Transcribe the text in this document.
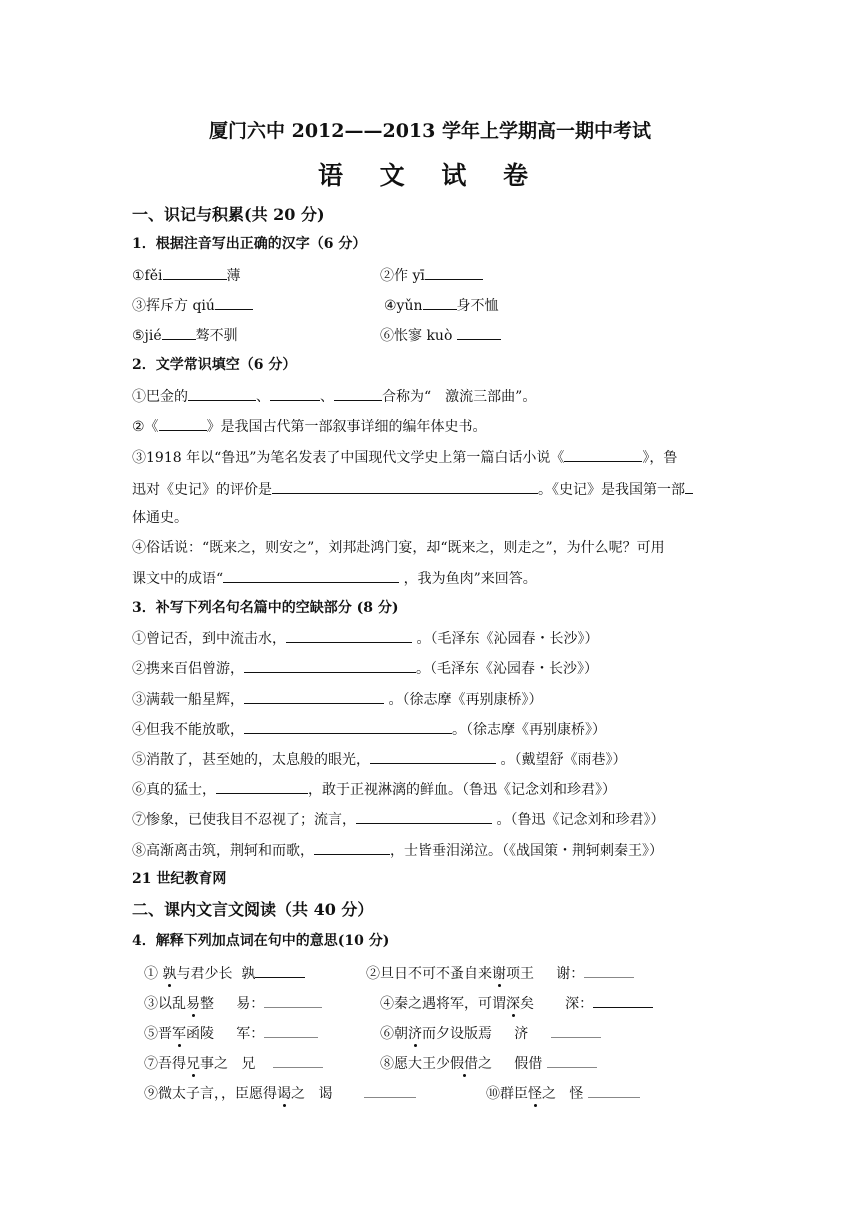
厦门六中 2012——2013 学年上学期高一期中考试
语 文 试 卷
一、识记与积累(共 20 分)
1．根据注音写出正确的汉字（6 分）
①fěi	薄	②作 yī
③挥斥方 qiú	④yǔn 身不恤
⑤jié 骜不驯	⑥怅寥 kuò
2．文学常识填空（6 分）
①巴金的	、	、	合称为“　激流三部曲”。
②《	》是我国古代第一部叙事详细的编年体史书。
③1918 年以“鲁迅”为笔名发表了中国现代文学史上第一篇白话小说《	》，鲁
迅对《史记》的评价是	。《史记》是我国第一部
体通史。
④俗话说：“既来之，则安之”，刘邦赴鸿门宴，却“既来之，则走之”，为什么呢？可用
课文中的成语“	，我为鱼肉”来回答。
3．补写下列名句名篇中的空缺部分 (8 分)
①曾记否，到中流击水，	。（毛泽东《沁园春・长沙》）
②携来百侣曾游，	。（毛泽东《沁园春・长沙》）
③满载一船星辉，	。（徐志摩《再别康桥》）
④但我不能放歌，	。（徐志摩《再别康桥》）
⑤消散了，甚至她的，太息般的眼光，	。（戴望舒《雨巷》）
⑥真的猛士，	，敢于正视淋漓的鲜血。（鲁迅《记念刘和珍君》）
⑦惨象，已使我目不忍视了；流言，	。（鲁迅《记念刘和珍君》）
⑧高渐离击筑，荆轲和而歌，	，士皆垂泪涕泣。（《战国策・荆轲刺秦王》）
21 世纪教育网
二、课内文言文阅读（共 40 分）
4．解释下列加点词在句中的意思(10 分)
① 孰与君少长 孰	②旦日不可不蚤自来谢项王 谢：
③以乱易整 易：	④秦之遇将军，可谓深矣 深：
⑤晋军函陵 军：	⑥朝济而夕设版焉 济
⑦吾得兄事之 兄	⑧愿大王少假借之 假借
⑨微太子言，，臣愿得谒之 谒	⑩群臣怪之 怪
